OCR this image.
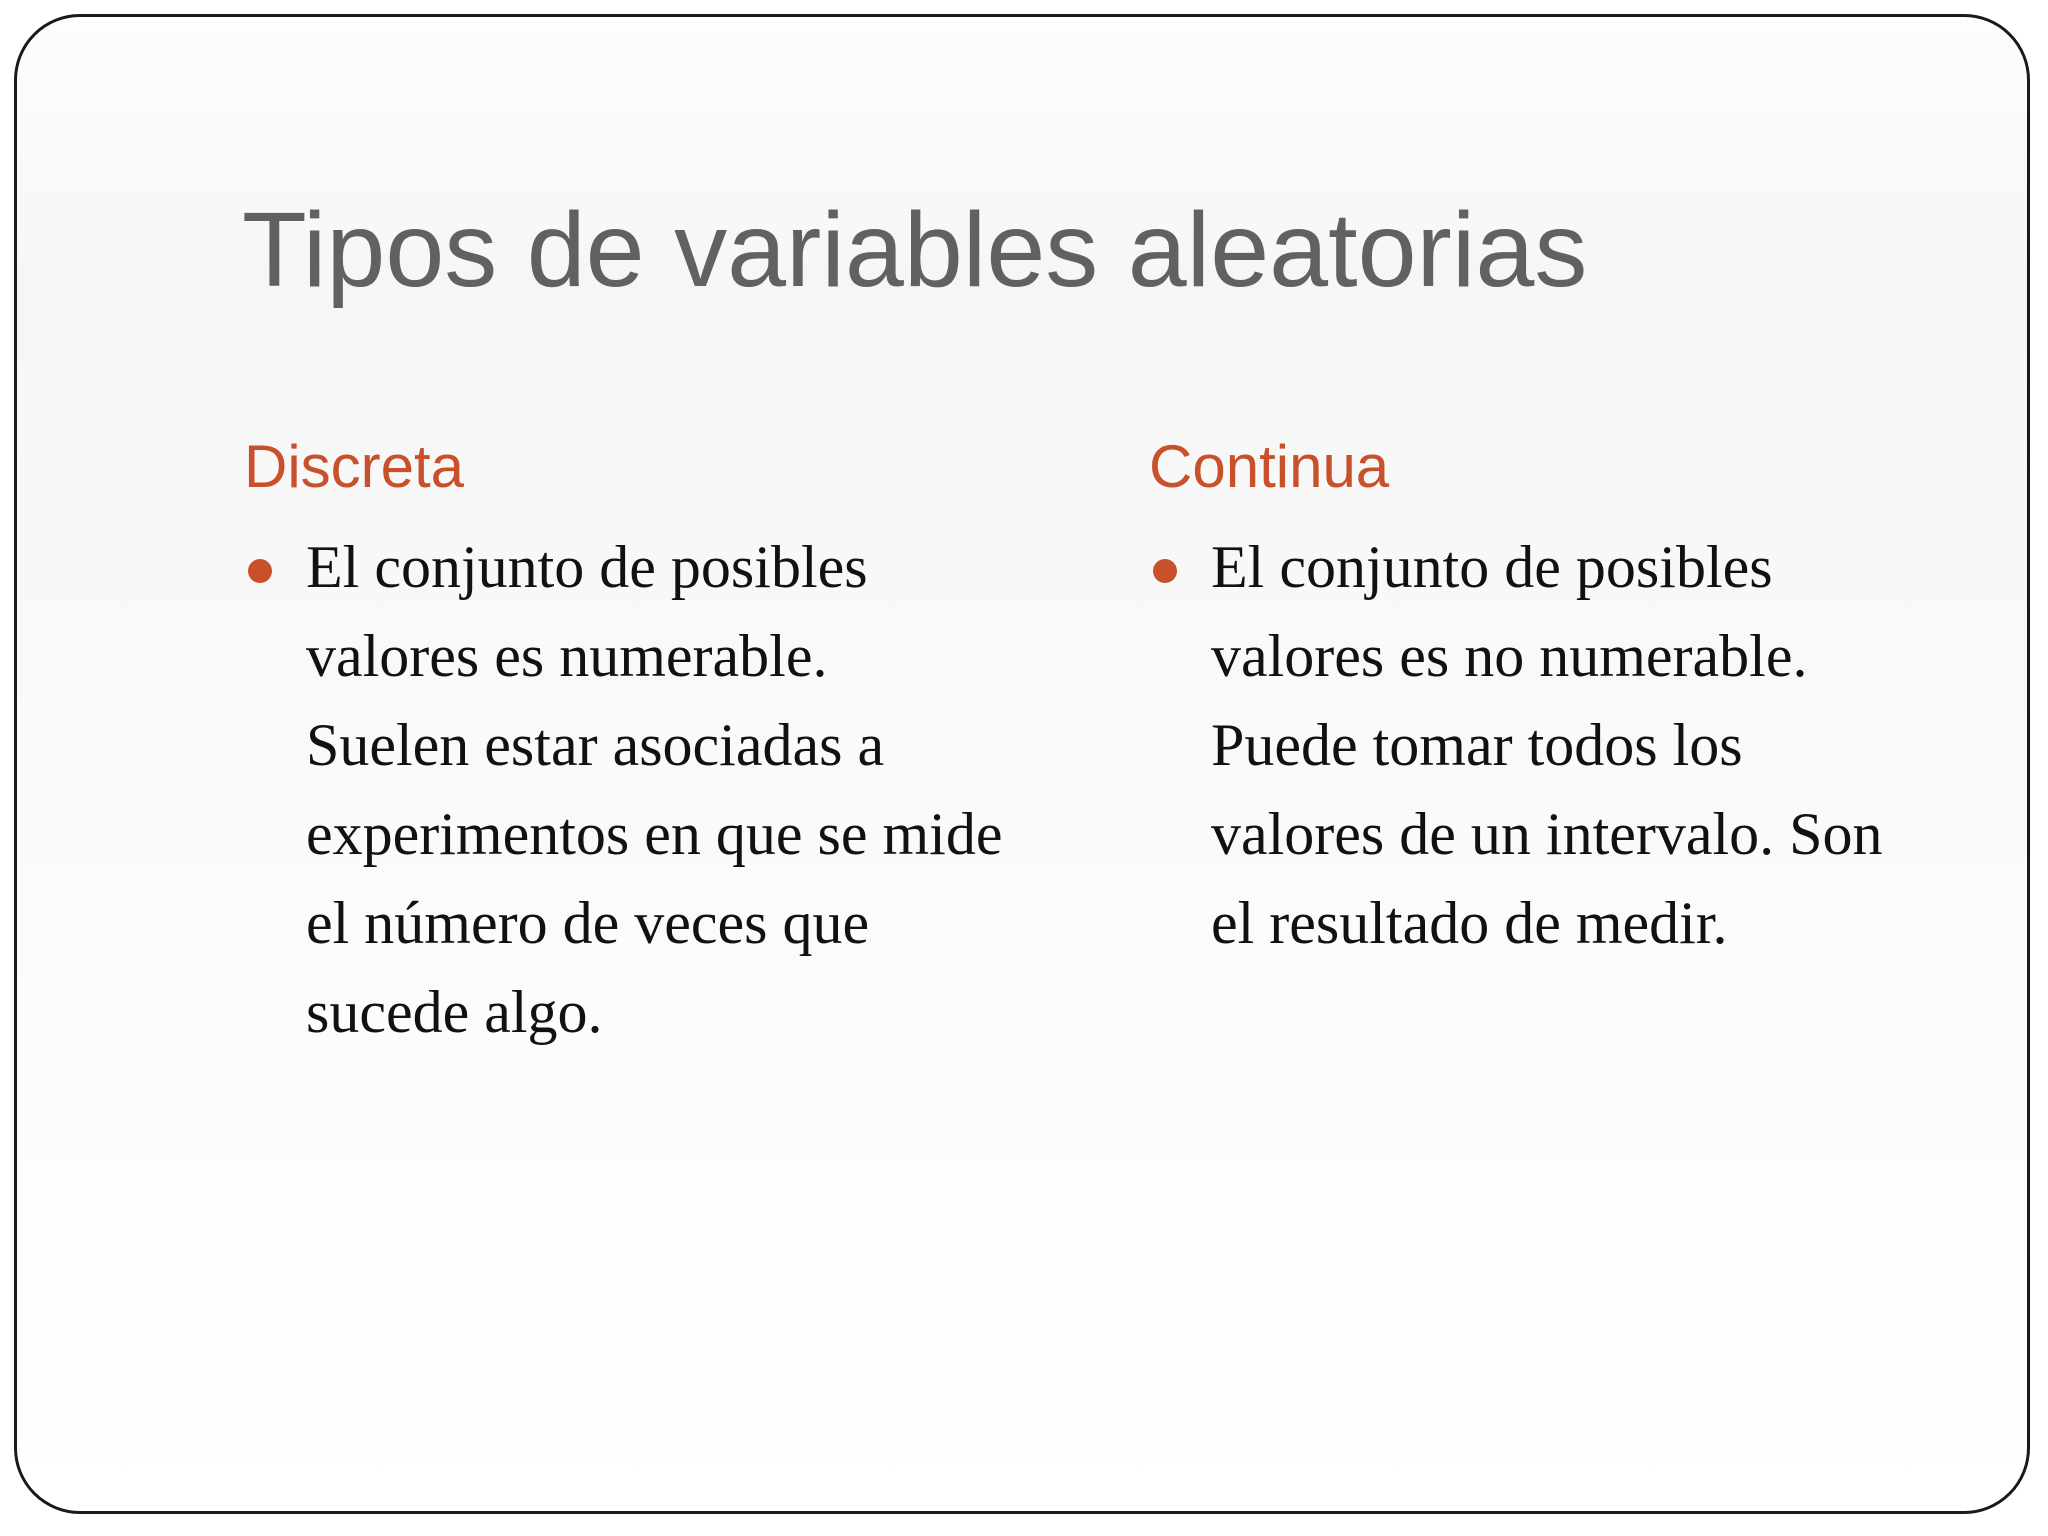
Tipos de variables aleatorias
Discreta
El conjunto de posibles valores es numerable. Suelen estar asociadas a experimentos en que se mide el número de veces que sucede algo.
Continua
El conjunto de posibles valores es no numerable. Puede tomar todos los valores de un intervalo. Son el resultado de medir.
